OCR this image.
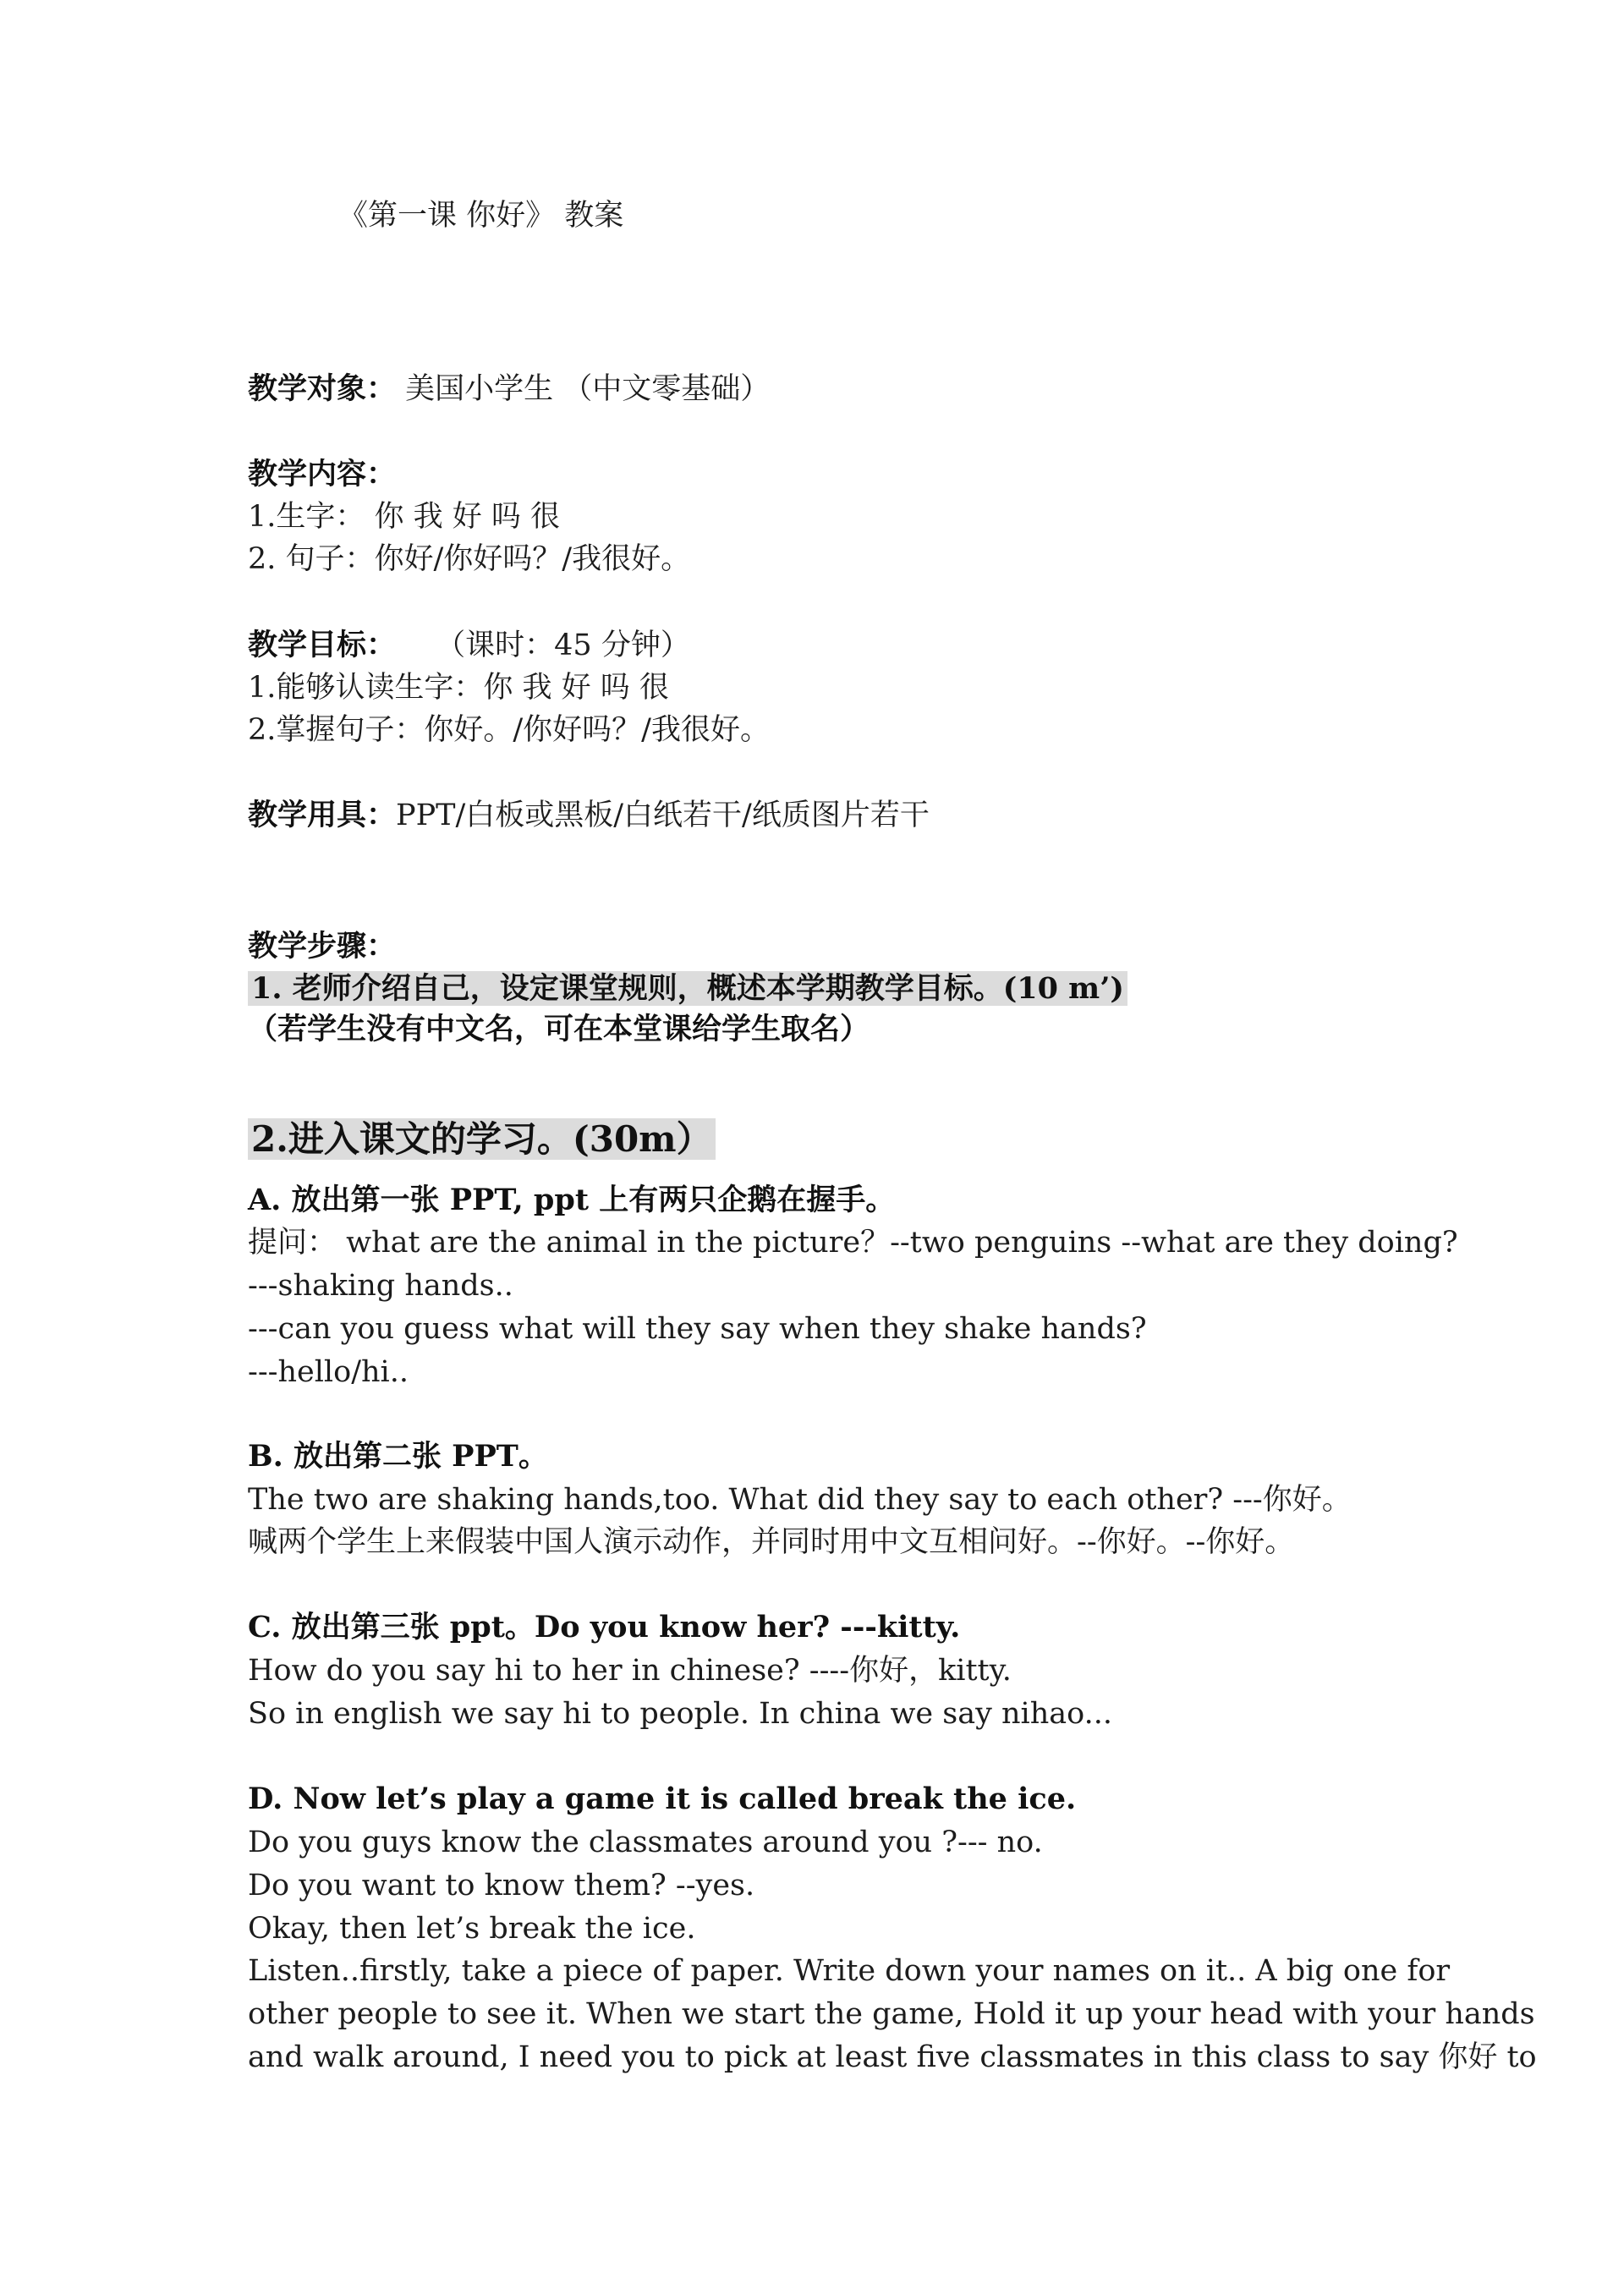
《第一课 你好》 教案
教学对象： 美国小学生 （中文零基础）
教学内容：
1.生字： 你 我 好 吗 很
2. 句子：你好/你好吗？/我很好。
教学目标： （课时：45 分钟）
1.能够认读生字：你 我 好 吗 很
2.掌握句子：你好。/你好吗？/我很好。
教学用具：PPT/白板或黑板/白纸若干/纸质图片若干
教学步骤：
1. 老师介绍自己，设定课堂规则，概述本学期教学目标。(10 m’)
（若学生没有中文名，可在本堂课给学生取名）
2.进入课文的学习。(30m）
A. 放出第一张 PPT, ppt 上有两只企鹅在握手。
提问： what are the animal in the picture？--two penguins --what are they doing?
---shaking hands..
---can you guess what will they say when they shake hands?
---hello/hi..
B. 放出第二张 PPT。
The two are shaking hands,too. What did they say to each other? ---你好。
喊两个学生上来假装中国人演示动作，并同时用中文互相问好。--你好。--你好。
C. 放出第三张 ppt。Do you know her? ---kitty.
How do you say hi to her in chinese? ----你好，kitty.
So in english we say hi to people. In china we say nihao...
D. Now let’s play a game it is called break the ice.
Do you guys know the classmates around you ?--- no.
Do you want to know them? --yes.
Okay, then let’s break the ice.
Listen..firstly, take a piece of paper. Write down your names on it.. A big one for
other people to see it. When we start the game, Hold it up your head with your hands
and walk around, I need you to pick at least five classmates in this class to say 你好 to
